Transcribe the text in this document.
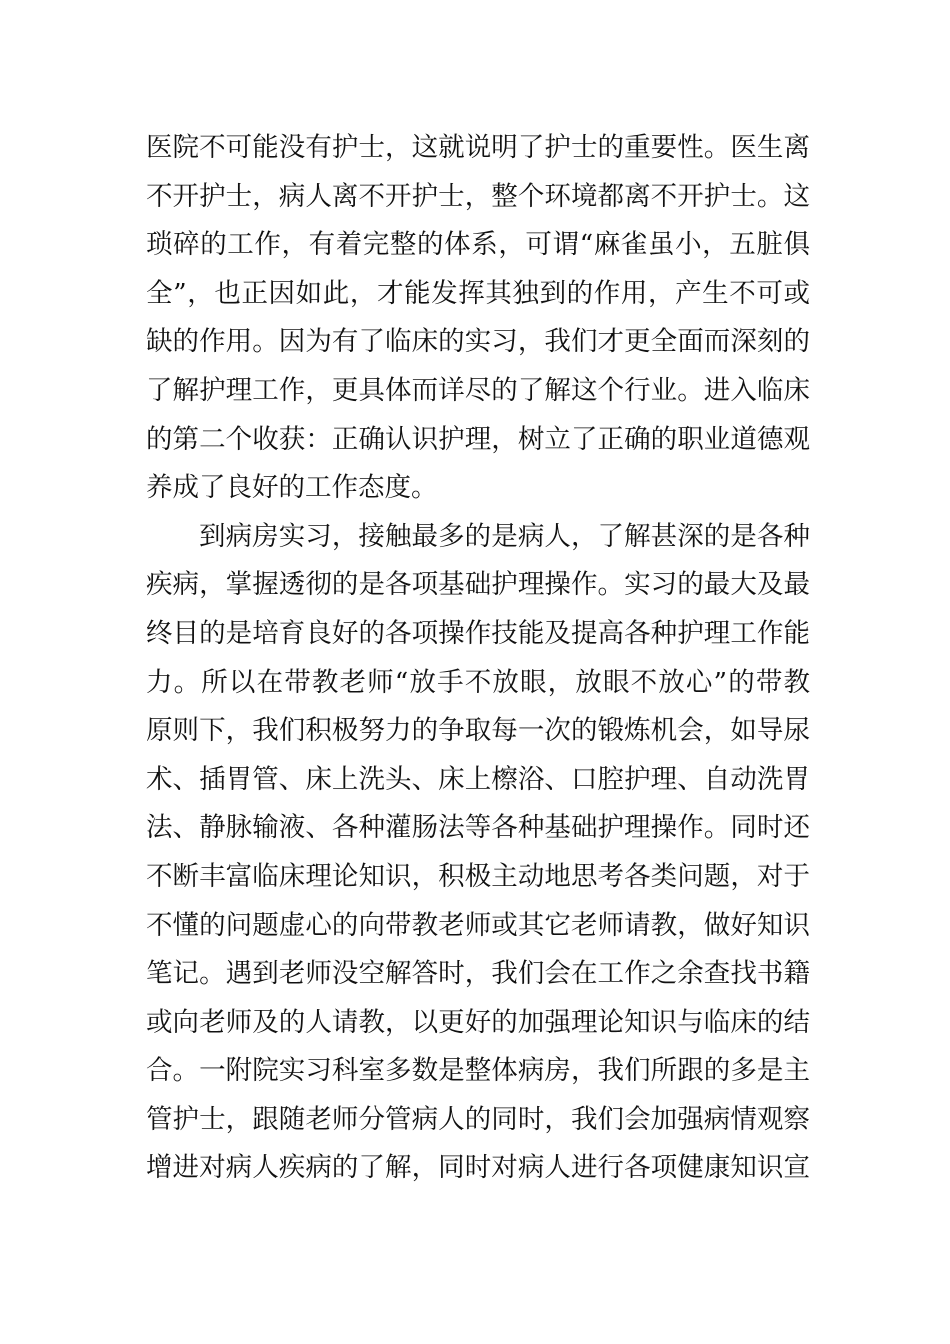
医院不可能没有护士，这就说明了护士的重要性。医生离
不开护士，病人离不开护士，整个环境都离不开护士。这
琐碎的工作，有着完整的体系，可谓“麻雀虽小，五脏俱
全”，也正因如此，才能发挥其独到的作用，产生不可或
缺的作用。因为有了临床的实习，我们才更全面而深刻的
了解护理工作，更具体而详尽的了解这个行业。进入临床
的第二个收获：正确认识护理，树立了正确的职业道德观
养成了良好的工作态度。
到病房实习，接触最多的是病人，了解甚深的是各种
疾病，掌握透彻的是各项基础护理操作。实习的最大及最
终目的是培育良好的各项操作技能及提高各种护理工作能
力。所以在带教老师“放手不放眼，放眼不放心”的带教
原则下，我们积极努力的争取每一次的锻炼机会，如导尿
术、插胃管、床上洗头、床上檫浴、口腔护理、自动洗胃
法、静脉输液、各种灌肠法等各种基础护理操作。同时还
不断丰富临床理论知识，积极主动地思考各类问题，对于
不懂的问题虚心的向带教老师或其它老师请教，做好知识
笔记。遇到老师没空解答时，我们会在工作之余查找书籍
或向老师及的人请教，以更好的加强理论知识与临床的结
合。一附院实习科室多数是整体病房，我们所跟的多是主
管护士，跟随老师分管病人的同时，我们会加强病情观察
增进对病人疾病的了解，同时对病人进行各项健康知识宣
